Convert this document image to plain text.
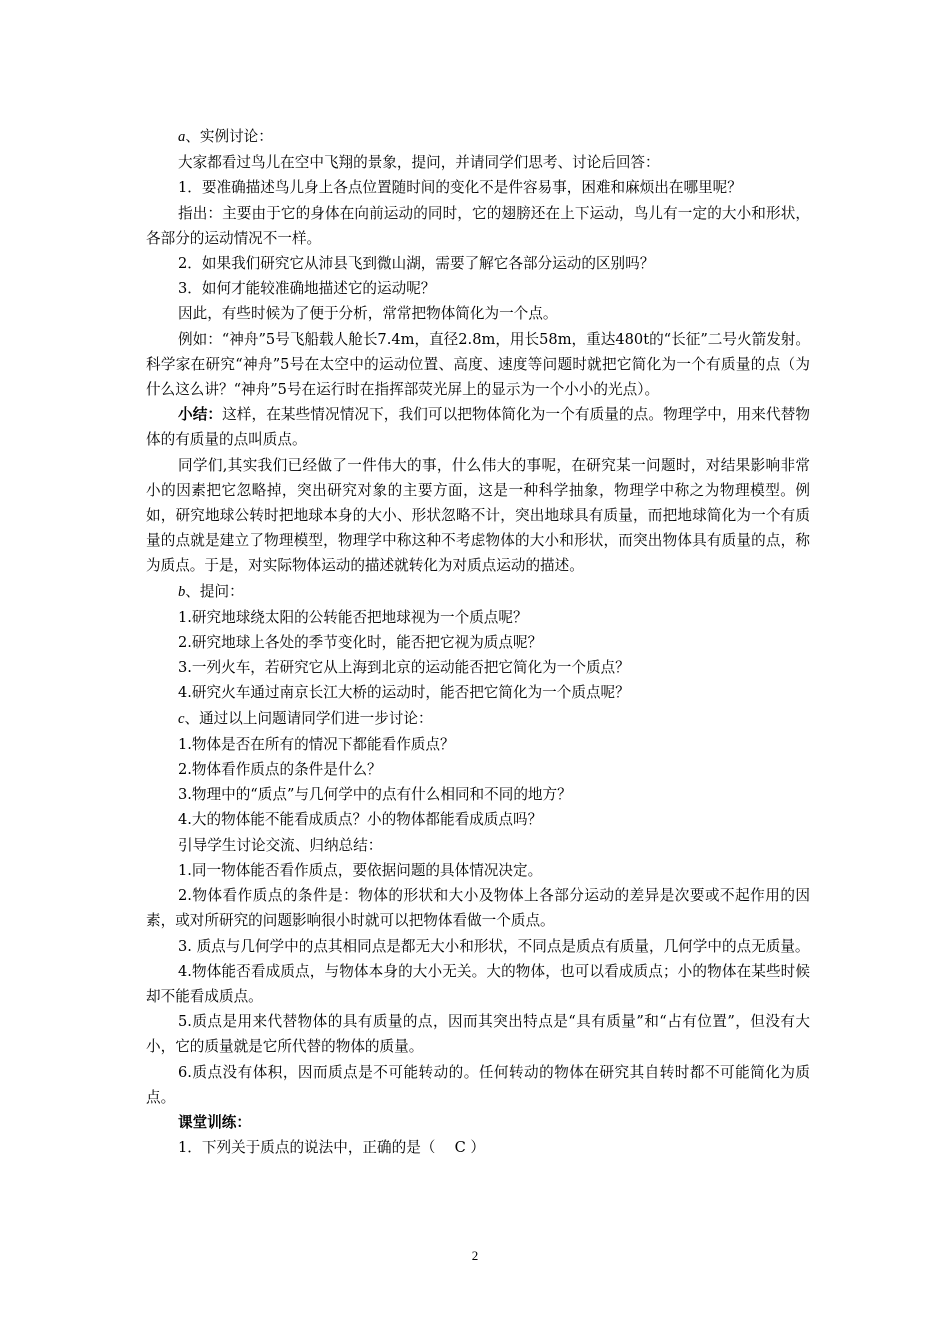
a、实例讨论：

大家都看过鸟儿在空中飞翔的景象，提问，并请同学们思考、讨论后回答：

1．要准确描述鸟儿身上各点位置随时间的变化不是件容易事，困难和麻烦出在哪里呢？

指出：主要由于它的身体在向前运动的同时，它的翅膀还在上下运动，鸟儿有一定的大小和形状，各部分的运动情况不一样。

2．如果我们研究它从沛县飞到微山湖，需要了解它各部分运动的区别吗？

3．如何才能较准确地描述它的运动呢？

因此，有些时候为了便于分析，常常把物体简化为一个点。

例如：“神舟”5号飞船载人舱长7.4m，直径2.8m，用长58m，重达480t的“长征”二号火箭发射。科学家在研究“神舟”5号在太空中的运动位置、高度、速度等问题时就把它简化为一个有质量的点（为什么这么讲？“神舟”5号在运行时在指挥部荧光屏上的显示为一个小小的光点）。

小结：这样，在某些情况情况下，我们可以把物体简化为一个有质量的点。物理学中，用来代替物体的有质量的点叫质点。

同学们,其实我们已经做了一件伟大的事，什么伟大的事呢，在研究某一问题时，对结果影响非常小的因素把它忽略掉，突出研究对象的主要方面，这是一种科学抽象，物理学中称之为物理模型。例如，研究地球公转时把地球本身的大小、形状忽略不计，突出地球具有质量，而把地球简化为一个有质量的点就是建立了物理模型，物理学中称这种不考虑物体的大小和形状，而突出物体具有质量的点，称为质点。于是，对实际物体运动的描述就转化为对质点运动的描述。

b、提问：

1.研究地球绕太阳的公转能否把地球视为一个质点呢？

2.研究地球上各处的季节变化时，能否把它视为质点呢？

3.一列火车，若研究它从上海到北京的运动能否把它简化为一个质点？

4.研究火车通过南京长江大桥的运动时，能否把它简化为一个质点呢？

c、通过以上问题请同学们进一步讨论：

1.物体是否在所有的情况下都能看作质点？

2.物体看作质点的条件是什么？

3.物理中的“质点”与几何学中的点有什么相同和不同的地方？

4.大的物体能不能看成质点？小的物体都能看成质点吗？

引导学生讨论交流、归纳总结：

1.同一物体能否看作质点，要依据问题的具体情况决定。

2.物体看作质点的条件是：物体的形状和大小及物体上各部分运动的差异是次要或不起作用的因素，或对所研究的问题影响很小时就可以把物体看做一个质点。

3. 质点与几何学中的点其相同点是都无大小和形状，不同点是质点有质量，几何学中的点无质量。

4.物体能否看成质点，与物体本身的大小无关。大的物体，也可以看成质点；小的物体在某些时候却不能看成质点。

5.质点是用来代替物体的具有质量的点，因而其突出特点是“具有质量”和“占有位置”，但没有大小，它的质量就是它所代替的物体的质量。

6.质点没有体积，因而质点是不可能转动的。任何转动的物体在研究其自转时都不可能简化为质点。

课堂训练：

1．下列关于质点的说法中，正确的是（　 C ）

2
